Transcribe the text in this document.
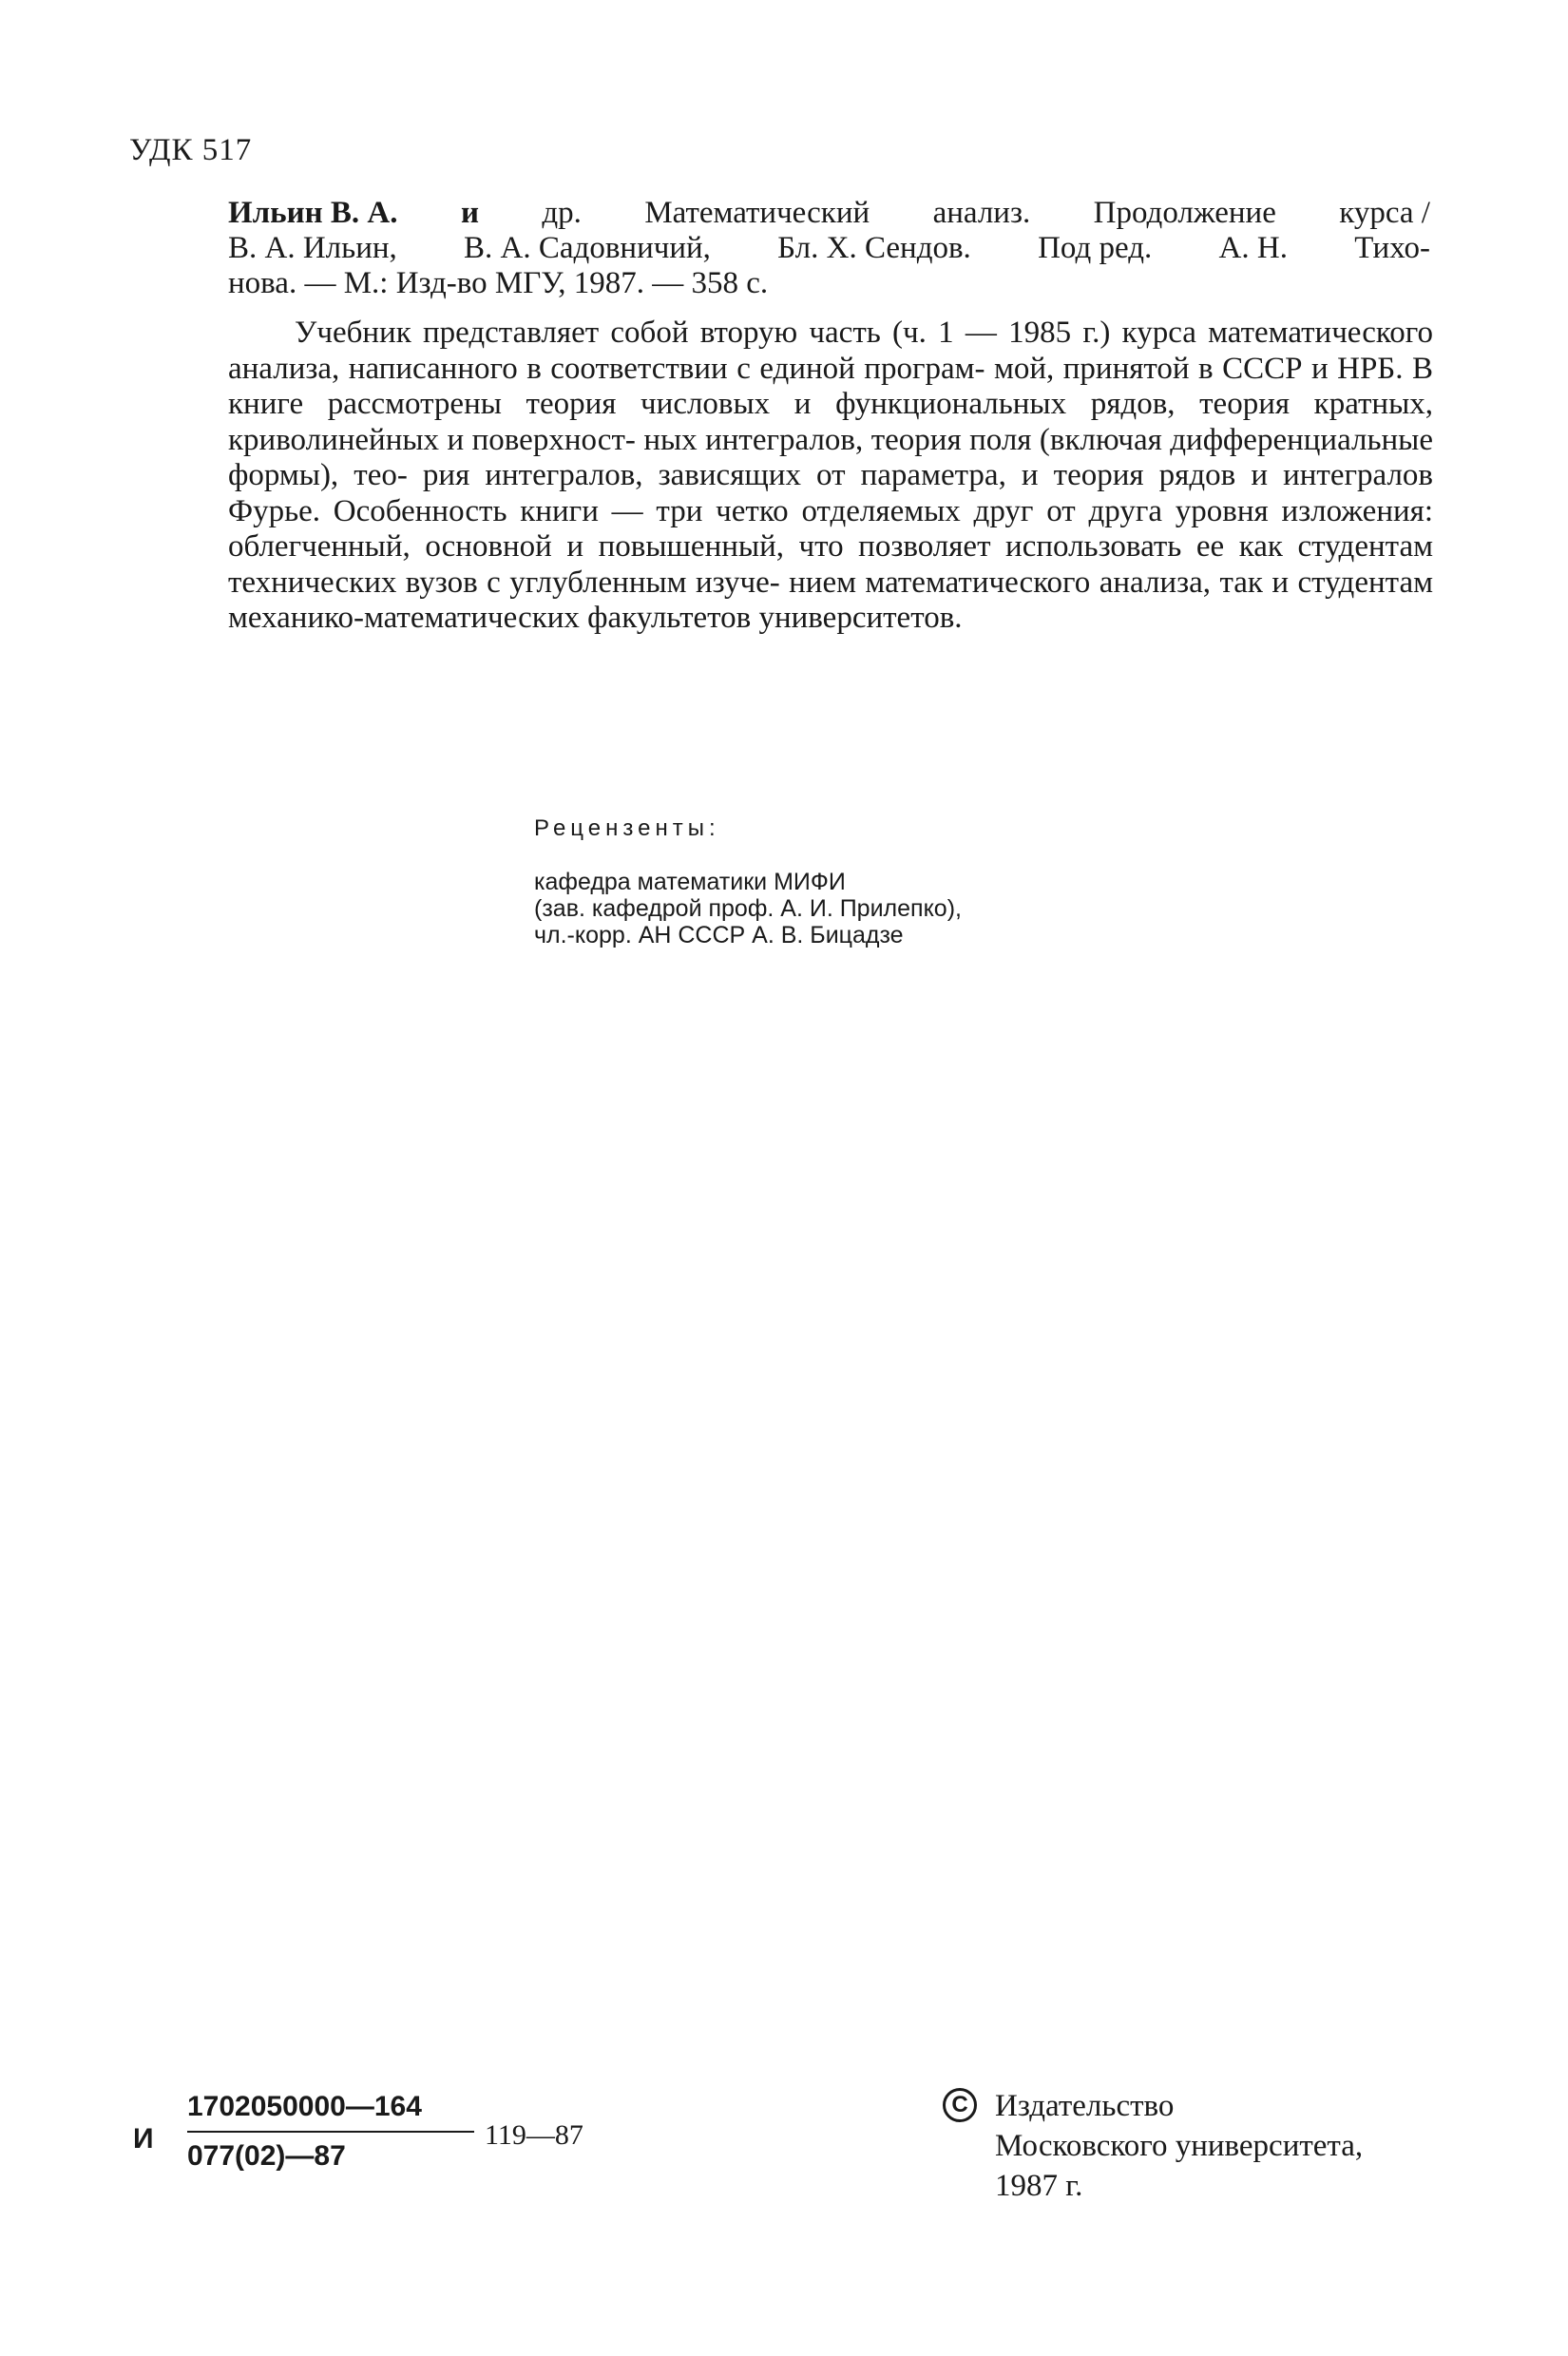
УДК 517
Ильин В. А. и др. Математический анализ. Продолжение курса /
В. А. Ильин, В. А. Садовничий, Бл. Х. Сендов. Под ред. А. Н. Тихо-
нова. — М.: Изд-во МГУ, 1987. — 358 с.
Учебник представляет собой вторую часть (ч. 1 — 1985 г.) курса математического анализа, написанного в соответствии с единой програм- мой, принятой в СССР и НРБ. В книге рассмотрены теория числовых и функциональных рядов, теория кратных, криволинейных и поверхност- ных интегралов, теория поля (включая дифференциальные формы), тео- рия интегралов, зависящих от параметра, и теория рядов и интегралов Фурье. Особенность книги — три четко отделяемых друг от друга уровня изложения: облегченный, основной и повышенный, что позволяет использовать ее как студентам технических вузов с углубленным изуче- нием математического анализа, так и студентам механико-математических факультетов университетов.
Рецензенты:
кафедра математики МИФИ
(зав. кафедрой проф. А. И. Прилепко),
чл.-корр. АН СССР А. В. Бицадзе
И
1702050000—164
077(02)—87
119—87
C Издательство
Московского университета,
1987 г.
